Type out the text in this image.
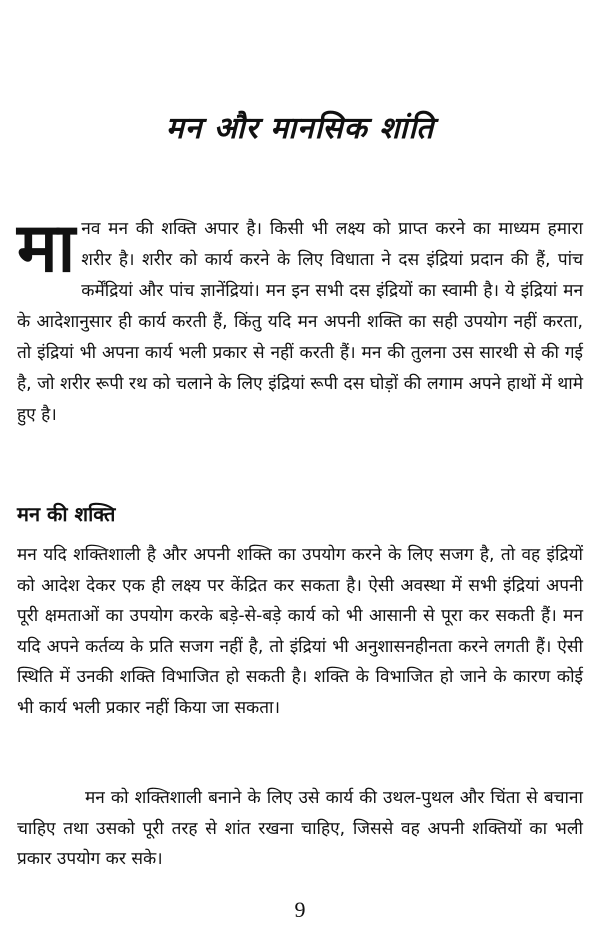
मन और मानसिक शांति

मानव मन की शक्ति अपार है। किसी भी लक्ष्य को प्राप्त करने का माध्यम हमारा शरीर है। शरीर को कार्य करने के लिए विधाता ने दस इंद्रियां प्रदान की हैं, पांच कर्मेंद्रियां और पांच ज्ञानेंद्रियां। मन इन सभी दस इंद्रियों का स्वामी है। ये इंद्रियां मन के आदेशानुसार ही कार्य करती हैं, किंतु यदि मन अपनी शक्ति का सही उपयोग नहीं करता, तो इंद्रियां भी अपना कार्य भली प्रकार से नहीं करती हैं। मन की तुलना उस सारथी से की गई है, जो शरीर रूपी रथ को चलाने के लिए इंद्रियां रूपी दस घोड़ों की लगाम अपने हाथों में थामे हुए है।

मन की शक्ति

मन यदि शक्तिशाली है और अपनी शक्ति का उपयोग करने के लिए सजग है, तो वह इंद्रियों को आदेश देकर एक ही लक्ष्य पर केंद्रित कर सकता है। ऐसी अवस्था में सभी इंद्रियां अपनी पूरी क्षमताओं का उपयोग करके बड़े-से-बड़े कार्य को भी आसानी से पूरा कर सकती हैं। मन यदि अपने कर्तव्य के प्रति सजग नहीं है, तो इंद्रियां भी अनुशासनहीनता करने लगती हैं। ऐसी स्थिति में उनकी शक्ति विभाजित हो सकती है। शक्ति के विभाजित हो जाने के कारण कोई भी कार्य भली प्रकार नहीं किया जा सकता।

मन को शक्तिशाली बनाने के लिए उसे कार्य की उथल-पुथल और चिंता से बचाना चाहिए तथा उसको पूरी तरह से शांत रखना चाहिए, जिससे वह अपनी शक्तियों का भली प्रकार उपयोग कर सके।

9
